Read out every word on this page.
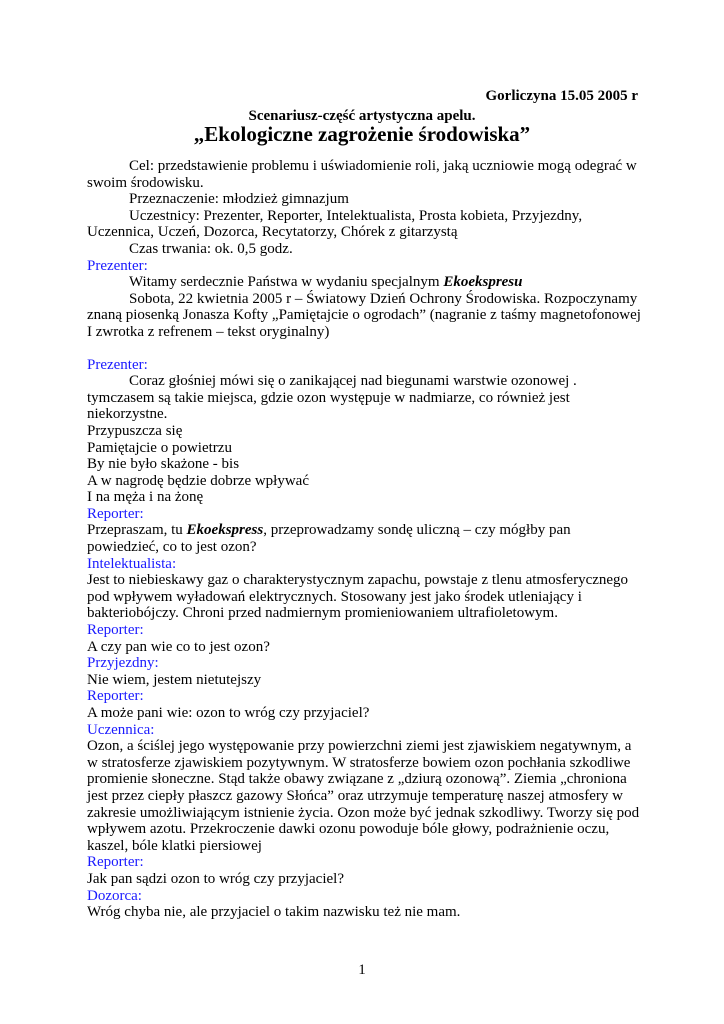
Gorliczyna 15.05 2005 r
Scenariusz-część artystyczna apelu.
„Ekologiczne zagrożenie środowiska”

Cel: przedstawienie problemu i uświadomienie roli, jaką uczniowie mogą odegrać w swoim środowisku.

Przeznaczenie: młodzież gimnazjum

Uczestnicy: Prezenter, Reporter, Intelektualista, Prosta kobieta, Przyjezdny, Uczennica, Uczeń, Dozorca, Recytatorzy, Chórek z gitarzystą

Czas trwania: ok. 0,5 godz.

Prezenter:

Witamy serdecznie Państwa w wydaniu specjalnym Ekoekspresu

Sobota, 22 kwietnia 2005 r – Światowy Dzień Ochrony Środowiska. Rozpoczynamy znaną piosenką Jonasza Kofty „Pamiętajcie o ogrodach” (nagranie z taśmy magnetofonowej I zwrotka z refrenem – tekst oryginalny)

Prezenter:

Coraz głośniej mówi się o zanikającej nad biegunami warstwie ozonowej . tymczasem są takie miejsca, gdzie ozon występuje w nadmiarze, co również jest niekorzystne.

Przypuszcza się

Pamiętajcie o powietrzu

By nie było skażone - bis

A w nagrodę będzie dobrze wpływać

I na męża i na żonę

Reporter:

Przepraszam, tu Ekoekspress, przeprowadzamy sondę uliczną – czy mógłby pan powiedzieć, co to jest ozon?

Intelektualista:

Jest to niebieskawy gaz o charakterystycznym zapachu, powstaje z tlenu atmosferycznego pod wpływem wyładowań elektrycznych. Stosowany jest jako środek utleniający i bakteriobójczy. Chroni przed nadmiernym promieniowaniem ultrafioletowym.

Reporter:

A czy pan wie co to jest ozon?

Przyjezdny:

Nie wiem, jestem nietutejszy

Reporter:

A może pani wie: ozon to wróg czy przyjaciel?

Uczennica:

Ozon, a ściślej jego występowanie przy powierzchni ziemi jest zjawiskiem negatywnym, a w stratosferze zjawiskiem pozytywnym. W stratosferze bowiem ozon pochłania szkodliwe promienie słoneczne. Stąd także obawy związane z „dziurą ozonową”. Ziemia „chroniona jest przez ciepły płaszcz gazowy Słońca” oraz utrzymuje temperaturę naszej atmosfery w zakresie umożliwiającym istnienie życia. Ozon może być jednak szkodliwy. Tworzy się pod wpływem azotu. Przekroczenie dawki ozonu powoduje bóle głowy, podrażnienie oczu, kaszel, bóle klatki piersiowej

Reporter:

Jak pan sądzi ozon to wróg czy przyjaciel?

Dozorca:

Wróg chyba nie, ale przyjaciel o takim nazwisku też nie mam.

1
